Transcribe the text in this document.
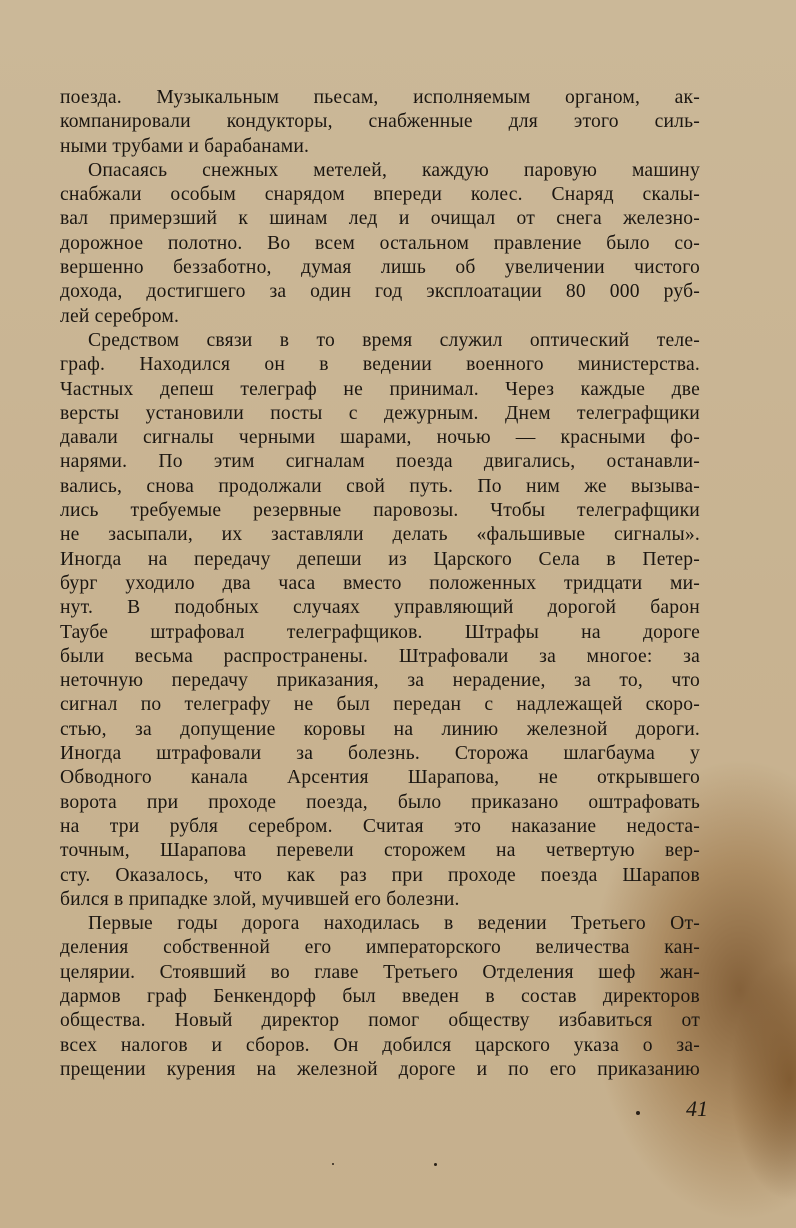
поезда. Музыкальным пьесам, исполняемым органом, ак-
компанировали кондукторы, снабженные для этого силь-
ными трубами и барабанами.
Опасаясь снежных метелей, каждую паровую машину
снабжали особым снарядом впереди колес. Снаряд скалы-
вал примерзший к шинам лед и очищал от снега железно-
дорожное полотно. Во всем остальном правление было со-
вершенно беззаботно, думая лишь об увеличении чистого
дохода, достигшего за один год эксплоатации 80 000 руб-
лей серебром.
Средством связи в то время служил оптический теле-
граф. Находился он в ведении военного министерства.
Частных депеш телеграф не принимал. Через каждые две
версты установили посты с дежурным. Днем телеграфщики
давали сигналы черными шарами, ночью — красными фо-
нарями. По этим сигналам поезда двигались, останавли-
вались, снова продолжали свой путь. По ним же вызыва-
лись требуемые резервные паровозы. Чтобы телеграфщики
не засыпали, их заставляли делать «фальшивые сигналы».
Иногда на передачу депеши из Царского Села в Петер-
бург уходило два часа вместо положенных тридцати ми-
нут. В подобных случаях управляющий дорогой барон
Таубе штрафовал телеграфщиков. Штрафы на дороге
были весьма распространены. Штрафовали за многое: за
неточную передачу приказания, за нерадение, за то, что
сигнал по телеграфу не был передан с надлежащей скоро-
стью, за допущение коровы на линию железной дороги.
Иногда штрафовали за болезнь. Сторожа шлагбаума у
Обводного канала Арсентия Шарапова, не открывшего
ворота при проходе поезда, было приказано оштрафовать
на три рубля серебром. Считая это наказание недоста-
точным, Шарапова перевели сторожем на четвертую вер-
сту. Оказалось, что как раз при проходе поезда Шарапов
бился в припадке злой, мучившей его болезни.
Первые годы дорога находилась в ведении Третьего От-
деления собственной его императорского величества кан-
целярии. Стоявший во главе Третьего Отделения шеф жан-
дармов граф Бенкендорф был введен в состав директоров
общества. Новый директор помог обществу избавиться от
всех налогов и сборов. Он добился царского указа о за-
прещении курения на железной дороге и по его приказанию
41
